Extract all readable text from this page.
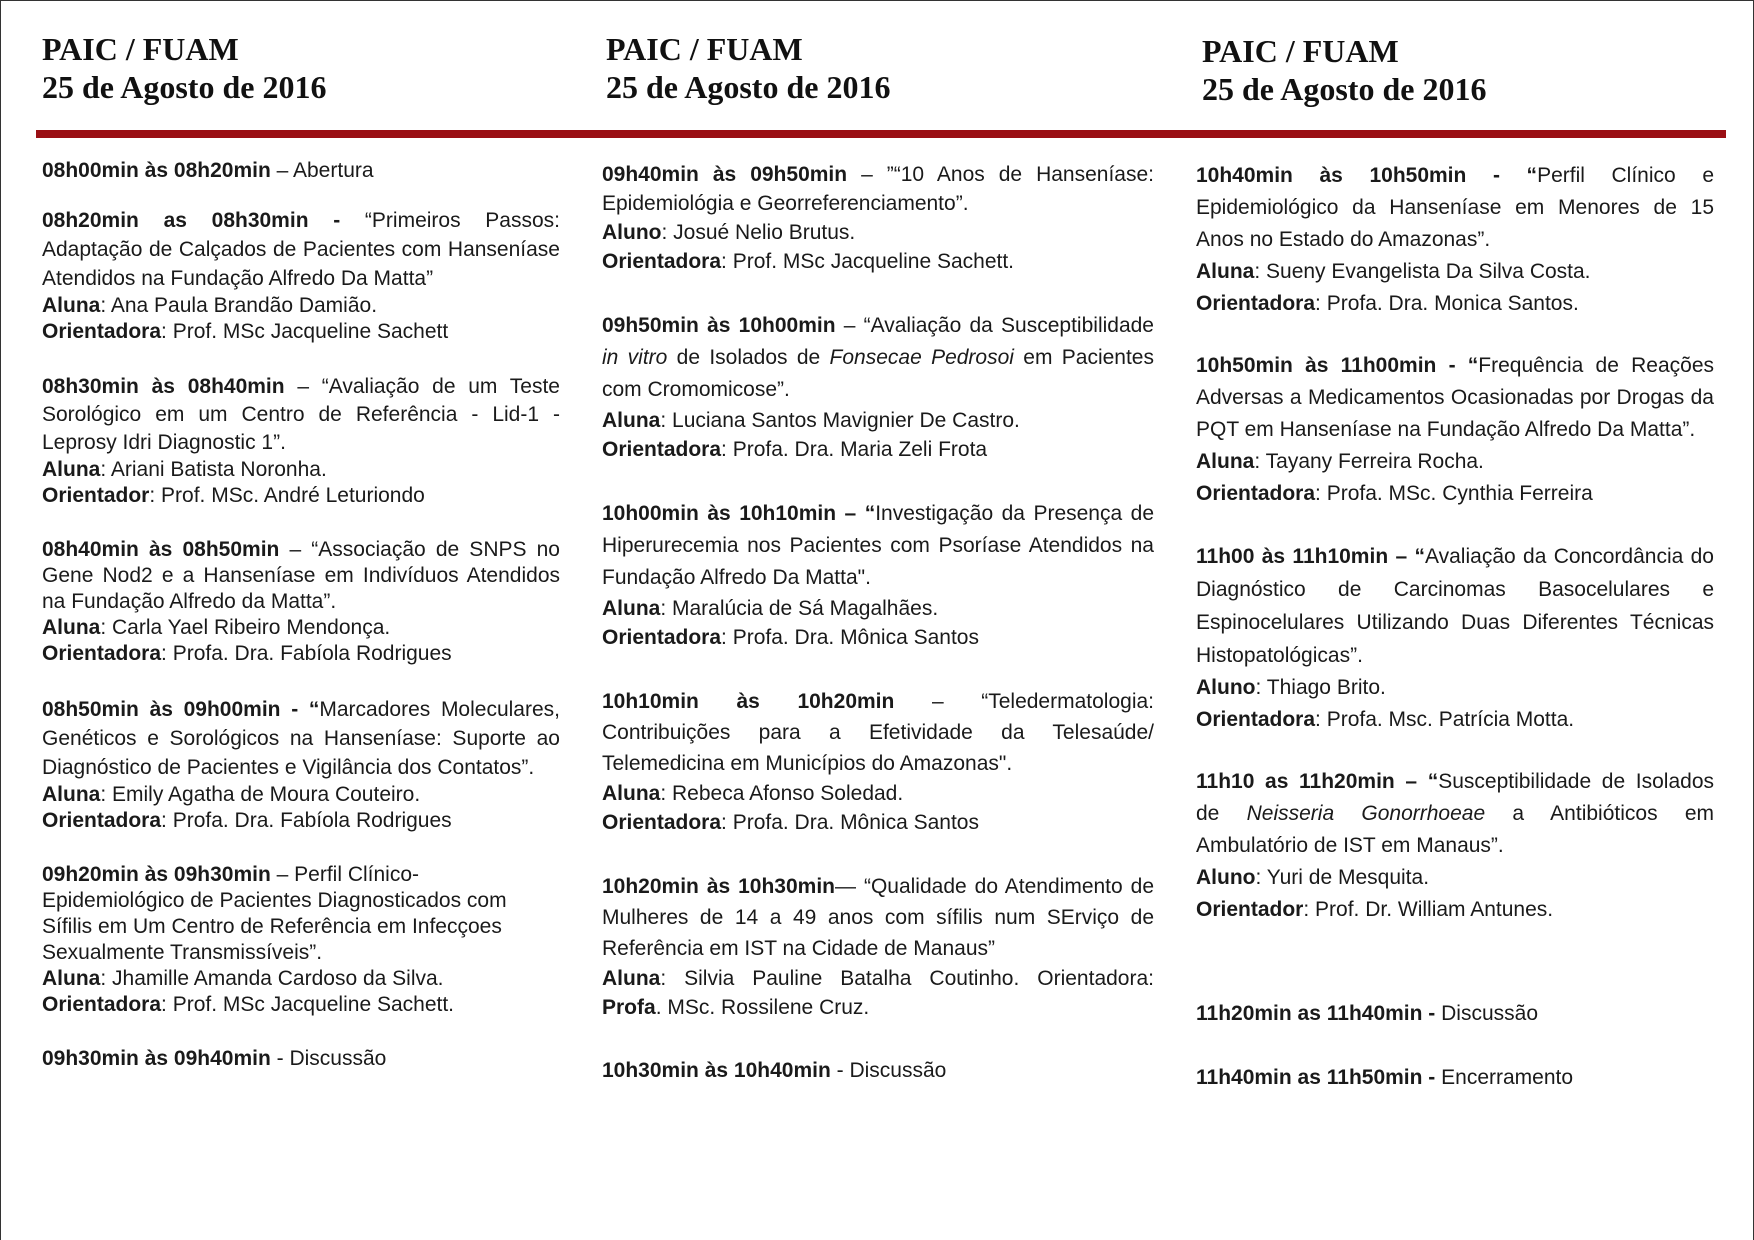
PAIC / FUAM
25 de Agosto de 2016
PAIC / FUAM
25 de Agosto de 2016
PAIC / FUAM
25 de Agosto de 2016

08h00min às 08h20min – Abertura

08h20min as 08h30min - “Primeiros Passos: Adaptação de Calçados de Pacientes com Hanseníase Atendidos na Fundação Alfredo Da Matta”

Aluna: Ana Paula Brandão Damião.

Orientadora: Prof. MSc Jacqueline Sachett

08h30min às 08h40min – “Avaliação de um Teste Sorológico em um Centro de Referência - Lid-1 - Leprosy Idri Diagnostic 1”.

Aluna: Ariani Batista Noronha.

Orientador: Prof. MSc. André Leturiondo

08h40min às 08h50min – “Associação de SNPS no Gene Nod2 e a Hanseníase em Indivíduos Atendidos na Fundação Alfredo da Matta”.

Aluna: Carla Yael Ribeiro Mendonça.

Orientadora: Profa. Dra. Fabíola Rodrigues

08h50min às 09h00min - “Marcadores Moleculares, Genéticos e Sorológicos na Hanseníase: Suporte ao Diagnóstico de Pacientes e Vigilância dos Contatos”.

Aluna: Emily Agatha de Moura Couteiro.

Orientadora: Profa. Dra. Fabíola Rodrigues

09h20min às 09h30min – Perfil Clínico-Epidemiológico de Pacientes Diagnosticados com Sífilis em Um Centro de Referência em Infecçoes Sexualmente Transmissíveis”.

Aluna: Jhamille Amanda Cardoso da Silva.

Orientadora: Prof. MSc Jacqueline Sachett.

09h30min às 09h40min - Discussão

09h40min às 09h50min – ”“10 Anos de Hanseníase: Epidemiológia e Georreferenciamento”.

Aluno: Josué Nelio Brutus.

Orientadora: Prof. MSc Jacqueline Sachett.

09h50min às 10h00min – “Avaliação da Susceptibilidade in vitro de Isolados de Fonsecae Pedrosoi em Pacientes com Cromomicose”.

Aluna: Luciana Santos Mavignier De Castro.

Orientadora: Profa. Dra. Maria Zeli Frota

10h00min às 10h10min – “Investigação da Presença de Hiperurecemia nos Pacientes com Psoríase Atendidos na Fundação Alfredo Da Matta".

Aluna: Maralúcia de Sá Magalhães.

Orientadora: Profa. Dra. Mônica Santos

10h10min às 10h20min – “Teledermatologia: Contribuições para a Efetividade da Telesaúde/ Telemedicina em Municípios do Amazonas".

Aluna: Rebeca Afonso Soledad.

Orientadora: Profa. Dra. Mônica Santos

10h20min às 10h30min— “Qualidade do Atendimento de Mulheres de 14 a 49 anos com sífilis num SErviço de Referência em IST na Cidade de Manaus”

Aluna: Silvia Pauline Batalha Coutinho. Orientadora: Profa. MSc. Rossilene Cruz.

10h30min às 10h40min - Discussão

10h40min às 10h50min - “Perfil Clínico e Epidemiológico da Hanseníase em Menores de 15 Anos no Estado do Amazonas”.

Aluna: Sueny Evangelista Da Silva Costa.

Orientadora: Profa. Dra. Monica Santos.

10h50min às 11h00min - “Frequência de Reações Adversas a Medicamentos Ocasionadas por Drogas da PQT em Hanseníase na Fundação Alfredo Da Matta”.

Aluna: Tayany Ferreira Rocha.

Orientadora: Profa. MSc. Cynthia Ferreira

11h00 às 11h10min – “Avaliação da Concordância do Diagnóstico de Carcinomas Basocelulares e Espinocelulares Utilizando Duas Diferentes Técnicas Histopatológicas”.

Aluno: Thiago Brito.

Orientadora: Profa. Msc. Patrícia Motta.

11h10 as 11h20min – “Susceptibilidade de Isolados de Neisseria Gonorrhoeae a Antibióticos em Ambulatório de IST em Manaus”.

Aluno: Yuri de Mesquita.

Orientador: Prof. Dr. William Antunes.

11h20min as 11h40min - Discussão

11h40min as 11h50min - Encerramento
